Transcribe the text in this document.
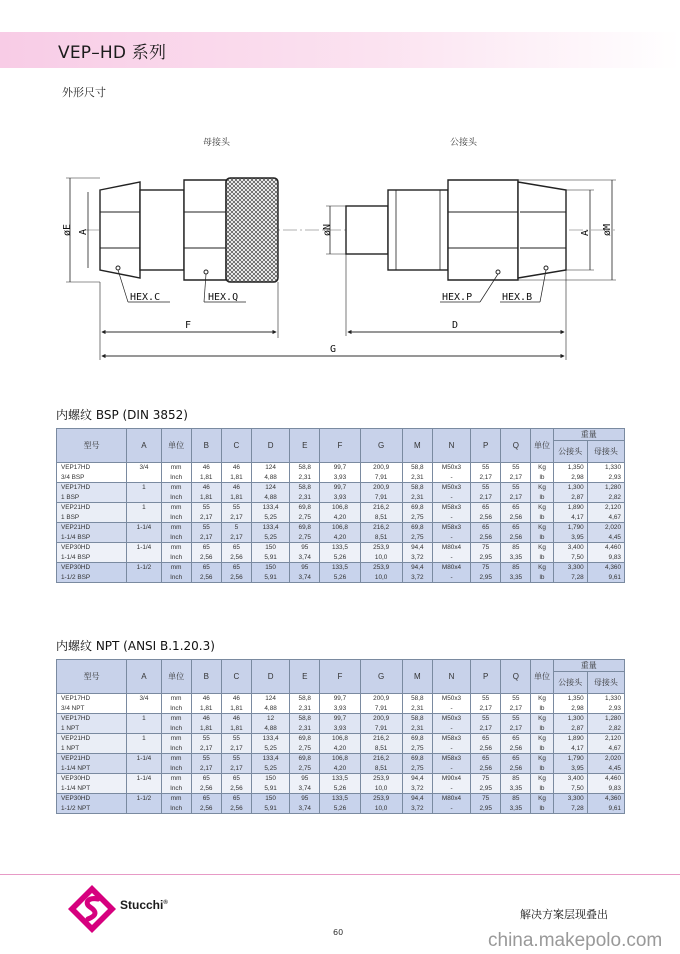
VEP–HD 系列
外形尺寸
母接头	公接头
øE A
HEX.C	HEX.Q
F
øN
HEX.P	HEX.B
D
A øM
G
内螺纹 BSP (DIN 3852)
型号	A	单位	B	C	D	E	F	G	M	N	P	Q	单位	重量	
														公接头	母接头
VEP17HD	3/4	mm	46	46	124	58,8	99,7	200,9	58,8	M50x3	55	55	Kg	1,350	1,330
3/4 BSP		Inch	1,81	1,81	4,88	2,31	3,93	7,91	2,31	-	2,17	2,17	lb	2,98	2,93
VEP17HD	1	mm	46	46	124	58,8	99,7	200,9	58,8	M50x3	55	55	Kg	1,300	1,280
1 BSP		Inch	1,81	1,81	4,88	2,31	3,93	7,91	2,31	-	2,17	2,17	lb	2,87	2,82
VEP21HD	1	mm	55	55	133,4	69,8	106,8	216,2	69,8	M58x3	65	65	Kg	1,890	2,120
1 BSP		Inch	2,17	2,17	5,25	2,75	4,20	8,51	2,75	-	2,56	2,56	lb	4,17	4,67
VEP21HD	1-1/4	mm	55	5	133,4	69,8	106,8	216,2	69,8	M58x3	65	65	Kg	1,790	2,020
1-1/4 BSP		Inch	2,17	2,17	5,25	2,75	4,20	8,51	2,75	-	2,56	2,56	lb	3,95	4,45
VEP30HD	1-1/4	mm	65	65	150	95	133,5	253,9	94,4	M80x4	75	85	Kg	3,400	4,460
1-1/4 BSP		Inch	2,56	2,56	5,91	3,74	5,26	10,0	3,72	-	2,95	3,35	lb	7,50	9,83
VEP30HD	1-1/2	mm	65	65	150	95	133,5	253,9	94,4	M80x4	75	85	Kg	3,300	4,360
1-1/2 BSP		Inch	2,56	2,56	5,91	3,74	5,26	10,0	3,72	-	2,95	3,35	lb	7,28	9,61
内螺纹 NPT (ANSI B.1.20.3)
型号	A	单位	B	C	D	E	F	G	M	N	P	Q	单位	重量	
														公接头	母接头
VEP17HD	3/4	mm	46	46	124	58,8	99,7	200,9	58,8	M50x3	55	55	Kg	1,350	1,330
3/4 NPT		Inch	1,81	1,81	4,88	2,31	3,93	7,91	2,31	-	2,17	2,17	lb	2,98	2,93
VEP17HD	1	mm	46	46	12	58,8	99,7	200,9	58,8	M50x3	55	55	Kg	1,300	1,280
1 NPT		Inch	1,81	1,81	4,88	2,31	3,93	7,91	2,31	-	2,17	2,17	lb	2,87	2,82
VEP21HD	1	mm	55	55	133,4	69,8	106,8	216,2	69,8	M58x3	65	65	Kg	1,890	2,120
1 NPT		Inch	2,17	2,17	5,25	2,75	4,20	8,51	2,75	-	2,56	2,56	lb	4,17	4,67
VEP21HD	1-1/4	mm	55	55	133,4	69,8	106,8	216,2	69,8	M58x3	65	65	Kg	1,790	2,020
1-1/4 NPT		Inch	2,17	2,17	5,25	2,75	4,20	8,51	2,75	-	2,56	2,56	lb	3,95	4,45
VEP30HD	1-1/4	mm	65	65	150	95	133,5	253,9	94,4	M90x4	75	85	Kg	3,400	4,460
1-1/4 NPT		Inch	2,56	2,56	5,91	3,74	5,26	10,0	3,72	-	2,95	3,35	lb	7,50	9,83
VEP30HD	1-1/2	mm	65	65	150	95	133,5	253,9	94,4	M80x4	75	85	Kg	3,300	4,360
1-1/2 NPT		Inch	2,56	2,56	5,91	3,74	5,26	10,0	3,72	-	2,95	3,35	lb	7,28	9,61
Stucchi®
解决方案层现叠出
60	china.makepolo.com
